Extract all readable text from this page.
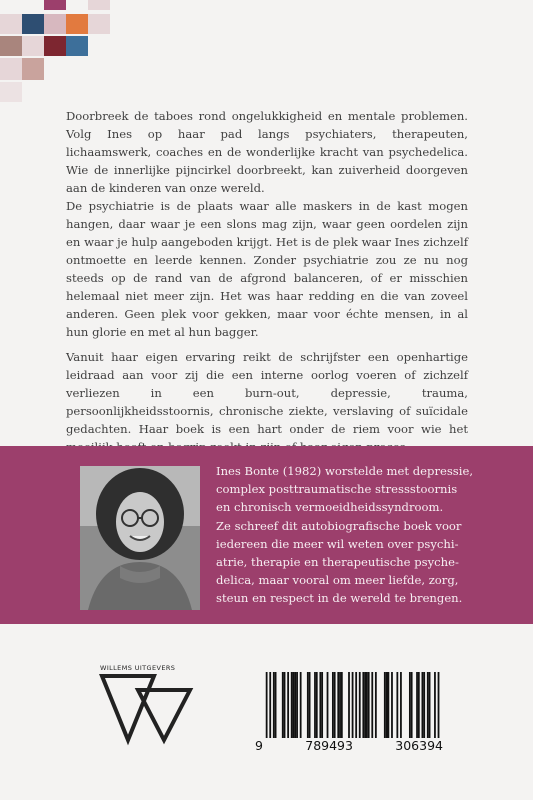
Doorbreek de taboes rond ongelukkigheid en mentale problemen. Volg Ines op haar pad langs psychiaters, therapeuten, lichaamswerk, coaches en de wonderlijke kracht van psychedelica. Wie de innerlijke pijncirkel doorbreekt, kan zuiverheid doorgeven aan de kinderen van onze wereld.

De psychiatrie is de plaats waar alle maskers in de kast mogen hangen, daar waar je een slons mag zijn, waar geen oordelen zijn en waar je hulp aangeboden krijgt. Het is de plek waar Ines zichzelf ontmoette en leerde kennen. Zonder psychiatrie zou ze nu nog steeds op de rand van de afgrond balanceren, of er misschien helemaal niet meer zijn. Het was haar redding en die van zoveel anderen. Geen plek voor gekken, maar voor échte mensen, in al hun glorie en met al hun bagger.

Vanuit haar eigen ervaring reikt de schrijfster een openhartige leidraad aan voor zij die een interne oorlog voeren of zichzelf verliezen in een burn-out, depressie, trauma, persoonlijkheidsstoornis, chronische ziekte, verslaving of suïcidale gedachten. Haar boek is een hart onder de riem voor wie het

Ines Bonte (1982) worstelde met depressie,
complex posttraumatische stressstoornis
en chronisch vermoeidheidssyndroom.
Ze schreef dit autobiografische boek voor
iedereen die meer wil weten over psychi-
atrie, therapie en therapeutische psyche-
delica, maar vooral om meer liefde, zorg,
steun en respect in de wereld te brengen.
WILLEMS UITGEVERS
9	789493	306394
